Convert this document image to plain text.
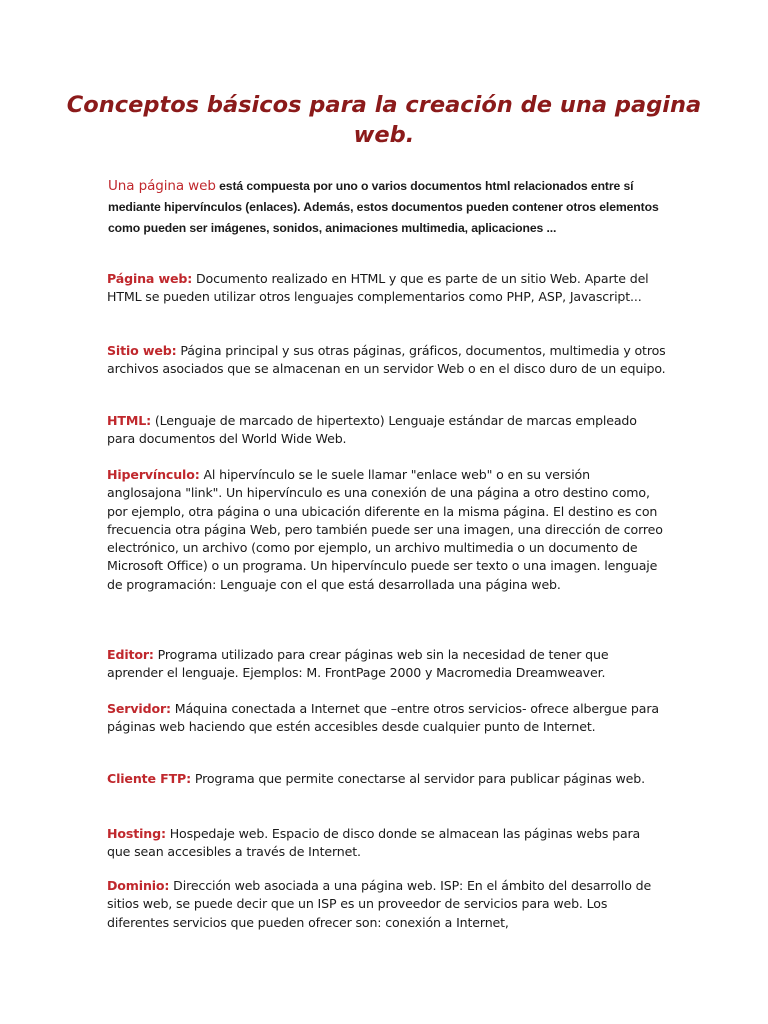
Conceptos básicos para la creación de una pagina web.

Una página web está compuesta por uno o varios documentos html relacionados entre sí mediante hipervínculos (enlaces). Además, estos documentos pueden contener otros elementos como pueden ser imágenes, sonidos, animaciones multimedia, aplicaciones ...

Página web: Documento realizado en HTML y que es parte de un sitio Web. Aparte del HTML se pueden utilizar otros lenguajes complementarios como PHP, ASP, Javascript...

Sitio web: Página principal y sus otras páginas, gráficos, documentos, multimedia y otros archivos asociados que se almacenan en un servidor Web o en el disco duro de un equipo.

HTML: (Lenguaje de marcado de hipertexto) Lenguaje estándar de marcas empleado para documentos del World Wide Web.

Hipervínculo: Al hipervínculo se le suele llamar "enlace web" o en su versión anglosajona "link". Un hipervínculo es una conexión de una página a otro destino como, por ejemplo, otra página o una ubicación diferente en la misma página. El destino es con frecuencia otra página Web, pero también puede ser una imagen, una dirección de correo electrónico, un archivo (como por ejemplo, un archivo multimedia o un documento de Microsoft Office) o un programa. Un hipervínculo puede ser texto o una imagen. lenguaje de programación: Lenguaje con el que está desarrollada una página web.

Editor: Programa utilizado para crear páginas web sin la necesidad de tener que aprender el lenguaje. Ejemplos: M. FrontPage 2000 y Macromedia Dreamweaver.

Servidor: Máquina conectada a Internet que –entre otros servicios- ofrece albergue para páginas web haciendo que estén accesibles desde cualquier punto de Internet.

Cliente FTP: Programa que permite conectarse al servidor para publicar páginas web.

Hosting: Hospedaje web. Espacio de disco donde se almacean las páginas webs para que sean accesibles a través de Internet.

Dominio: Dirección web asociada a una página web. ISP: En el ámbito del desarrollo de sitios web, se puede decir que un ISP es un proveedor de servicios para web. Los diferentes servicios que pueden ofrecer son: conexión a Internet,
